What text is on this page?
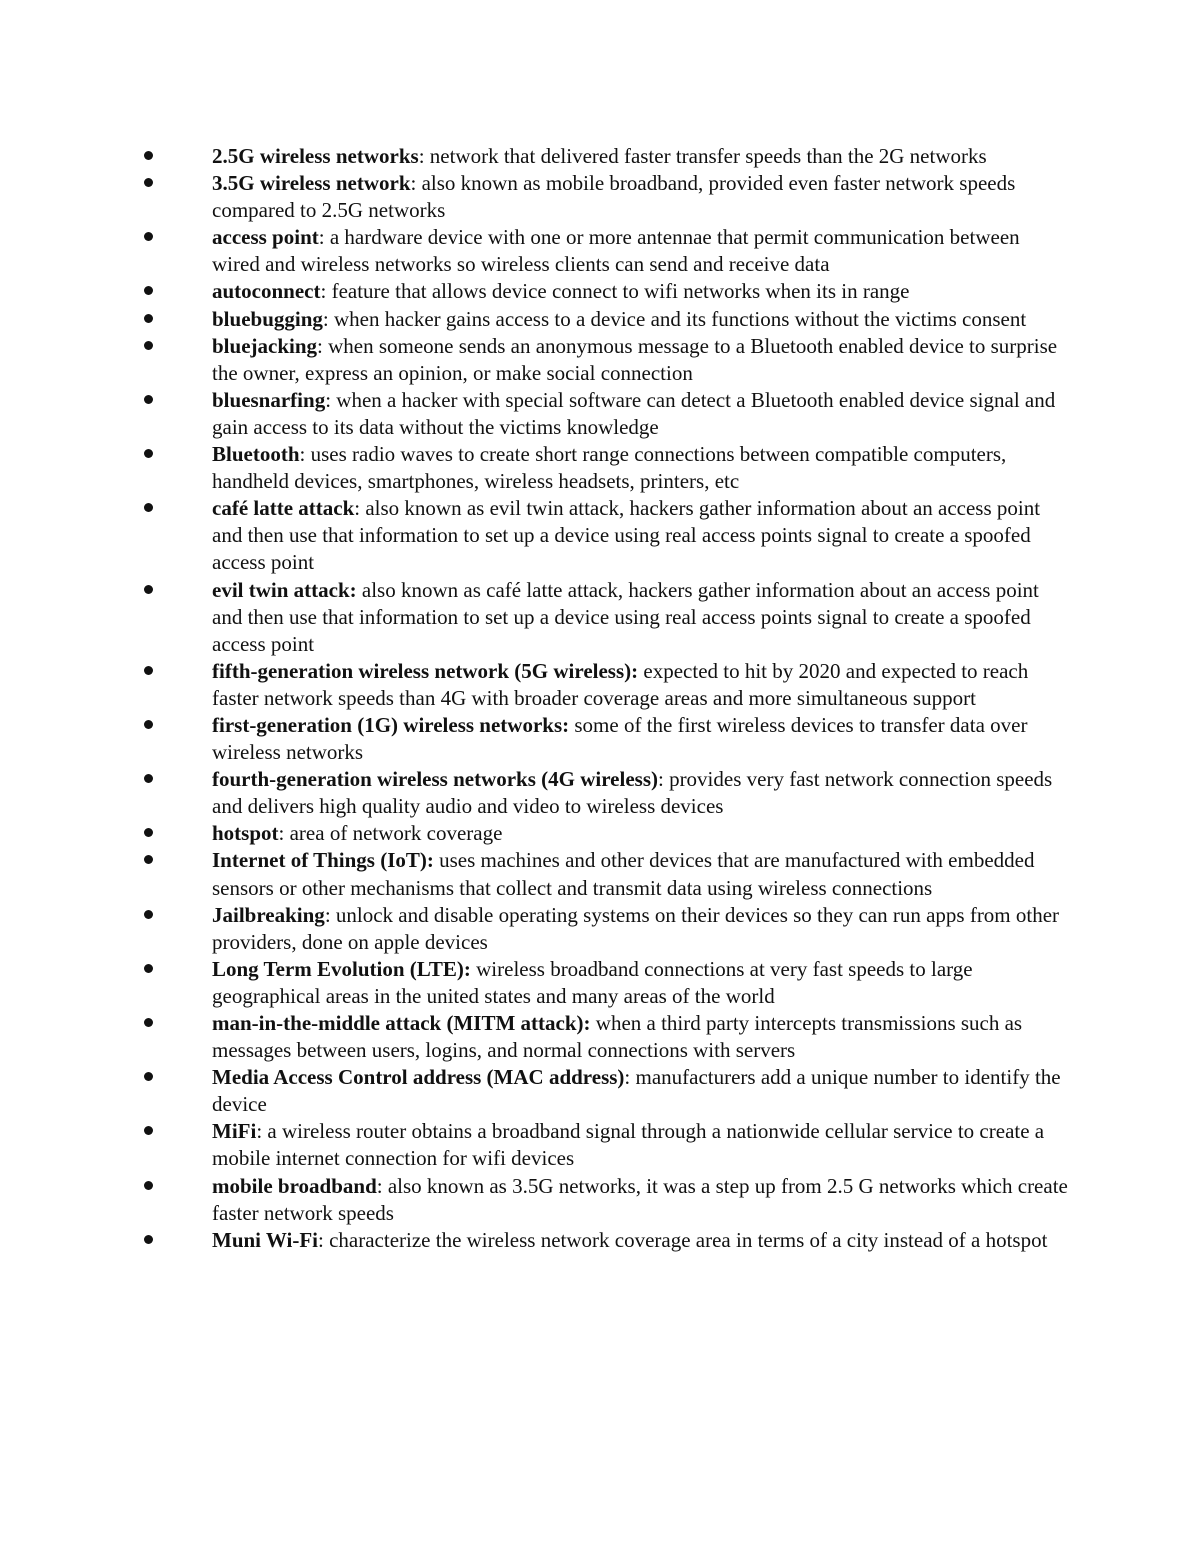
2.5G wireless networks: network that delivered faster transfer speeds than the 2G networks
3.5G wireless network: also known as mobile broadband, provided even faster network speeds compared to 2.5G networks
access point: a hardware device with one or more antennae that permit communication between wired and wireless networks so wireless clients can send and receive data
autoconnect: feature that allows device connect to wifi networks when its in range
bluebugging: when hacker gains access to a device and its functions without the victims consent
bluejacking: when someone sends an anonymous message to a Bluetooth enabled device to surprise the owner, express an opinion, or make social connection
bluesnarfing: when a hacker with special software can detect a Bluetooth enabled device signal and gain access to its data without the victims knowledge
Bluetooth: uses radio waves to create short range connections between compatible computers, handheld devices, smartphones, wireless headsets, printers, etc
café latte attack: also known as evil twin attack, hackers gather information about an access point and then use that information to set up a device using real access points signal to create a spoofed access point
evil twin attack: also known as café latte attack, hackers gather information about an access point and then use that information to set up a device using real access points signal to create a spoofed access point
fifth-generation wireless network (5G wireless): expected to hit by 2020 and expected to reach faster network speeds than 4G with broader coverage areas and more simultaneous support
first-generation (1G) wireless networks: some of the first wireless devices to transfer data over wireless networks
fourth-generation wireless networks (4G wireless): provides very fast network connection speeds and delivers high quality audio and video to wireless devices
hotspot: area of network coverage
Internet of Things (IoT): uses machines and other devices that are manufactured with embedded sensors or other mechanisms that collect and transmit data using wireless connections
Jailbreaking: unlock and disable operating systems on their devices so they can run apps from other providers, done on apple devices
Long Term Evolution (LTE): wireless broadband connections at very fast speeds to large geographical areas in the united states and many areas of the world
man-in-the-middle attack (MITM attack): when a third party intercepts transmissions such as messages between users, logins, and normal connections with servers
Media Access Control address (MAC address): manufacturers add a unique number to identify the device
MiFi: a wireless router obtains a broadband signal through a nationwide cellular service to create a mobile internet connection for wifi devices
mobile broadband: also known as 3.5G networks, it was a step up from 2.5 G networks which create faster network speeds
Muni Wi-Fi: characterize the wireless network coverage area in terms of a city instead of a hotspot
